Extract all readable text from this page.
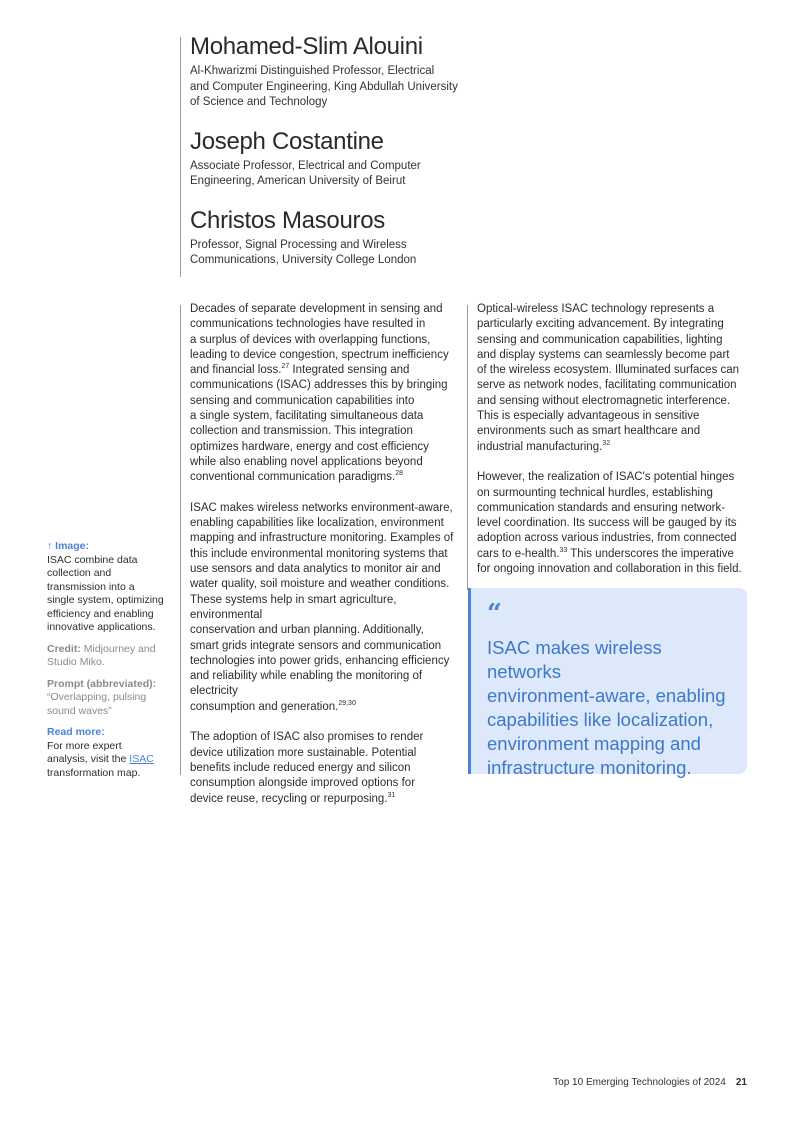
Mohamed-Slim Alouini
Al-Khwarizmi Distinguished Professor, Electrical
and Computer Engineering, King Abdullah University
of Science and Technology
Joseph Costantine
Associate Professor, Electrical and Computer
Engineering, American University of Beirut
Christos Masouros
Professor, Signal Processing and Wireless
Communications, University College London

Decades of separate development in sensing and
communications technologies have resulted in
a surplus of devices with overlapping functions,
leading to device congestion, spectrum inefficiency
and financial loss.$^{27}$ Integrated sensing and
communications (ISAC) addresses this by bringing
sensing and communication capabilities into
a single system, facilitating simultaneous data
collection and transmission. This integration
optimizes hardware, energy and cost efficiency
while also enabling novel applications beyond
conventional communication paradigms.$^{28}$

ISAC makes wireless networks environment-aware,
enabling capabilities like localization, environment
mapping and infrastructure monitoring. Examples of
this include environmental monitoring systems that
use sensors and data analytics to monitor air and
water quality, soil moisture and weather conditions.
These systems help in smart agriculture, environmental
conservation and urban planning. Additionally,
smart grids integrate sensors and communication
technologies into power grids, enhancing efficiency
and reliability while enabling the monitoring of electricity
consumption and generation.$^{29,30}$

The adoption of ISAC also promises to render
device utilization more sustainable. Potential
benefits include reduced energy and silicon
consumption alongside improved options for
device reuse, recycling or repurposing.$^{31}$

Optical-wireless ISAC technology represents a
particularly exciting advancement. By integrating
sensing and communication capabilities, lighting
and display systems can seamlessly become part
of the wireless ecosystem. Illuminated surfaces can
serve as network nodes, facilitating communication
and sensing without electromagnetic interference.
This is especially advantageous in sensitive
environments such as smart healthcare and
industrial manufacturing.$^{32}$

However, the realization of ISAC's potential hinges
on surmounting technical hurdles, establishing
communication standards and ensuring network-
level coordination. Its success will be gauged by its
adoption across various industries, from connected
cars to e-health.$^{33}$ This underscores the imperative
for ongoing innovation and collaboration in this field.

“
ISAC makes wireless networks
environment-aware, enabling
capabilities like localization,
environment mapping and
infrastructure monitoring.
↑ Image:
ISAC combine data
collection and
transmission into a
single system, optimizing
efficiency and enabling
innovative applications.
Credit: Midjourney and
Studio Miko.
Prompt (abbreviated):
“Overlapping, pulsing
sound waves”
Read more:
For more expert
analysis, visit the ISAC
transformation map.
Top 10 Emerging Technologies of 2024 21
